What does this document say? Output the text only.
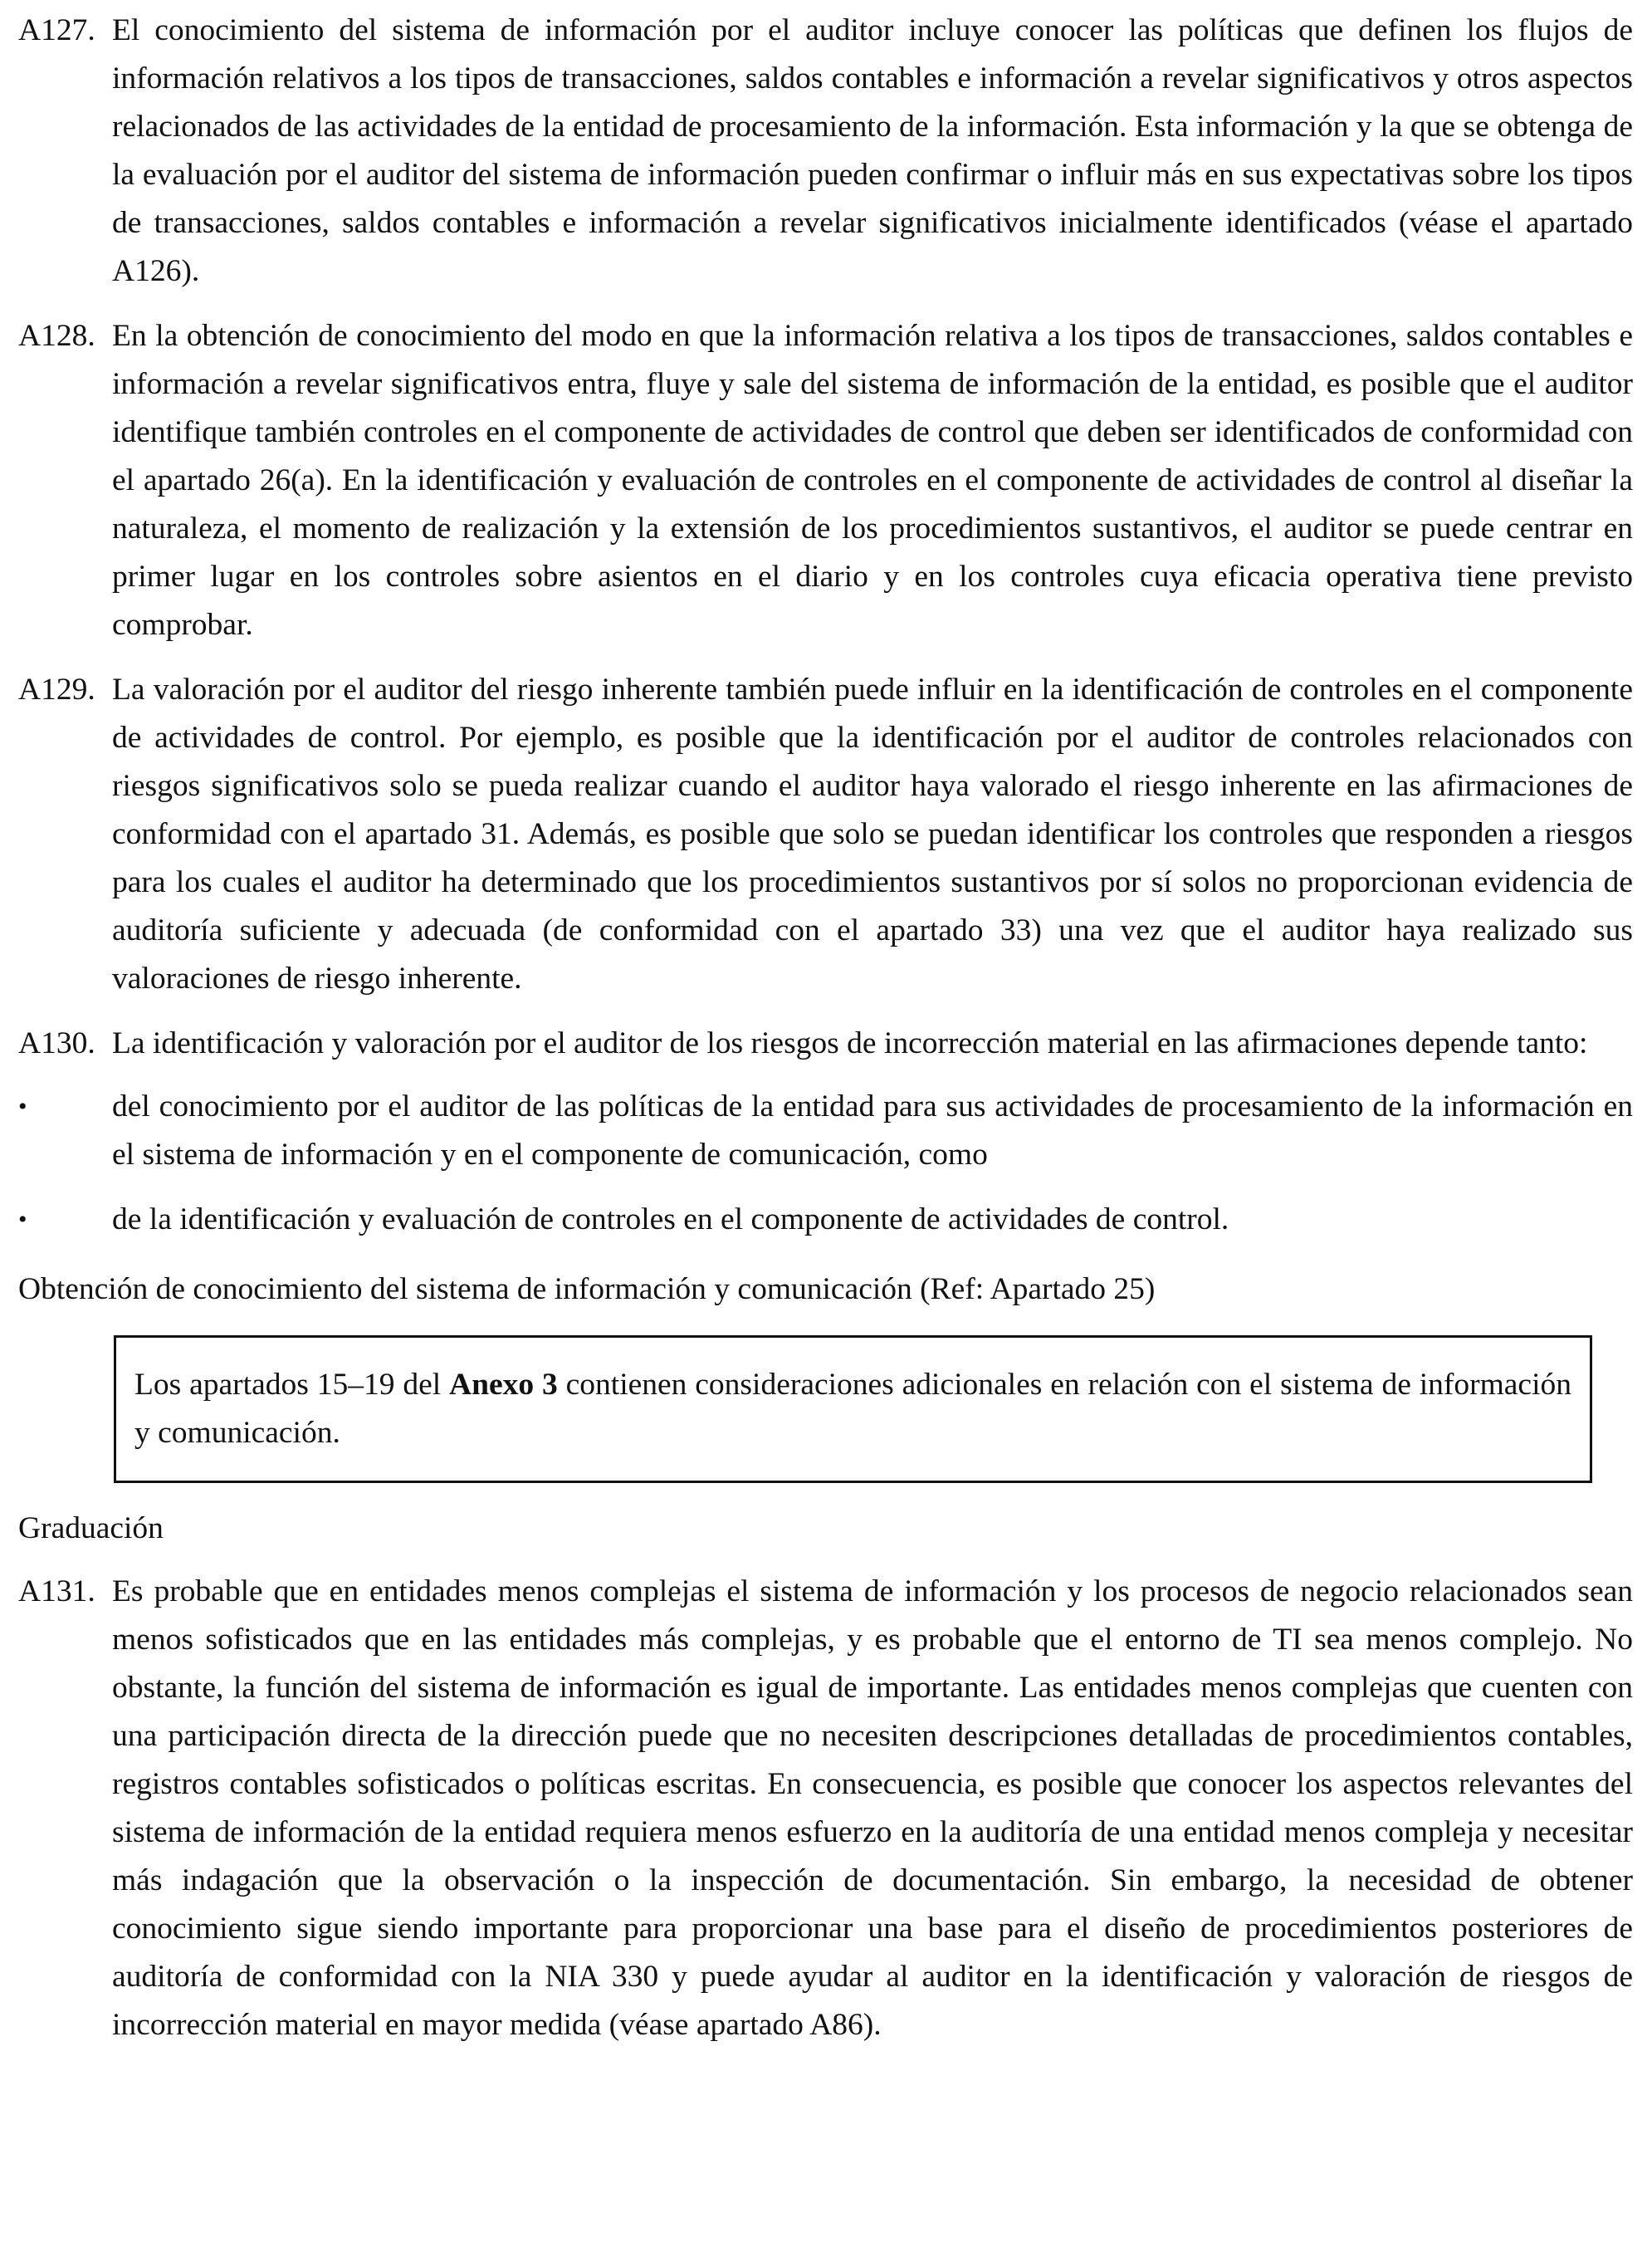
A127. El conocimiento del sistema de información por el auditor incluye conocer las políticas que definen los flujos de información relativos a los tipos de transacciones, saldos contables e información a revelar significativos y otros aspectos relacionados de las actividades de la entidad de procesamiento de la información. Esta información y la que se obtenga de la evaluación por el auditor del sistema de información pueden confirmar o influir más en sus expectativas sobre los tipos de transacciones, saldos contables e información a revelar significativos inicialmente identificados (véase el apartado A126).
A128. En la obtención de conocimiento del modo en que la información relativa a los tipos de transacciones, saldos contables e información a revelar significativos entra, fluye y sale del sistema de información de la entidad, es posible que el auditor identifique también controles en el componente de actividades de control que deben ser identificados de conformidad con el apartado 26(a). En la identificación y evaluación de controles en el componente de actividades de control al diseñar la naturaleza, el momento de realización y la extensión de los procedimientos sustantivos, el auditor se puede centrar en primer lugar en los controles sobre asientos en el diario y en los controles cuya eficacia operativa tiene previsto comprobar.
A129. La valoración por el auditor del riesgo inherente también puede influir en la identificación de controles en el componente de actividades de control. Por ejemplo, es posible que la identificación por el auditor de controles relacionados con riesgos significativos solo se pueda realizar cuando el auditor haya valorado el riesgo inherente en las afirmaciones de conformidad con el apartado 31. Además, es posible que solo se puedan identificar los controles que responden a riesgos para los cuales el auditor ha determinado que los procedimientos sustantivos por sí solos no proporcionan evidencia de auditoría suficiente y adecuada (de conformidad con el apartado 33) una vez que el auditor haya realizado sus valoraciones de riesgo inherente.
A130. La identificación y valoración por el auditor de los riesgos de incorrección material en las afirmaciones depende tanto:
•	del conocimiento por el auditor de las políticas de la entidad para sus actividades de procesamiento de la información en el sistema de información y en el componente de comunicación, como
•	de la identificación y evaluación de controles en el componente de actividades de control.
Obtención de conocimiento del sistema de información y comunicación (Ref: Apartado 25)
Los apartados 15–19 del Anexo 3 contienen consideraciones adicionales en relación con el sistema de información y comunicación.
Graduación
A131. Es probable que en entidades menos complejas el sistema de información y los procesos de negocio relacionados sean menos sofisticados que en las entidades más complejas, y es probable que el entorno de TI sea menos complejo. No obstante, la función del sistema de información es igual de importante. Las entidades menos complejas que cuenten con una participación directa de la dirección puede que no necesiten descripciones detalladas de procedimientos contables, registros contables sofisticados o políticas escritas. En consecuencia, es posible que conocer los aspectos relevantes del sistema de información de la entidad requiera menos esfuerzo en la auditoría de una entidad menos compleja y necesitar más indagación que la observación o la inspección de documentación. Sin embargo, la necesidad de obtener conocimiento sigue siendo importante para proporcionar una base para el diseño de procedimientos posteriores de auditoría de conformidad con la NIA 330 y puede ayudar al auditor en la identificación y valoración de riesgos de incorrección material en mayor medida (véase apartado A86).
